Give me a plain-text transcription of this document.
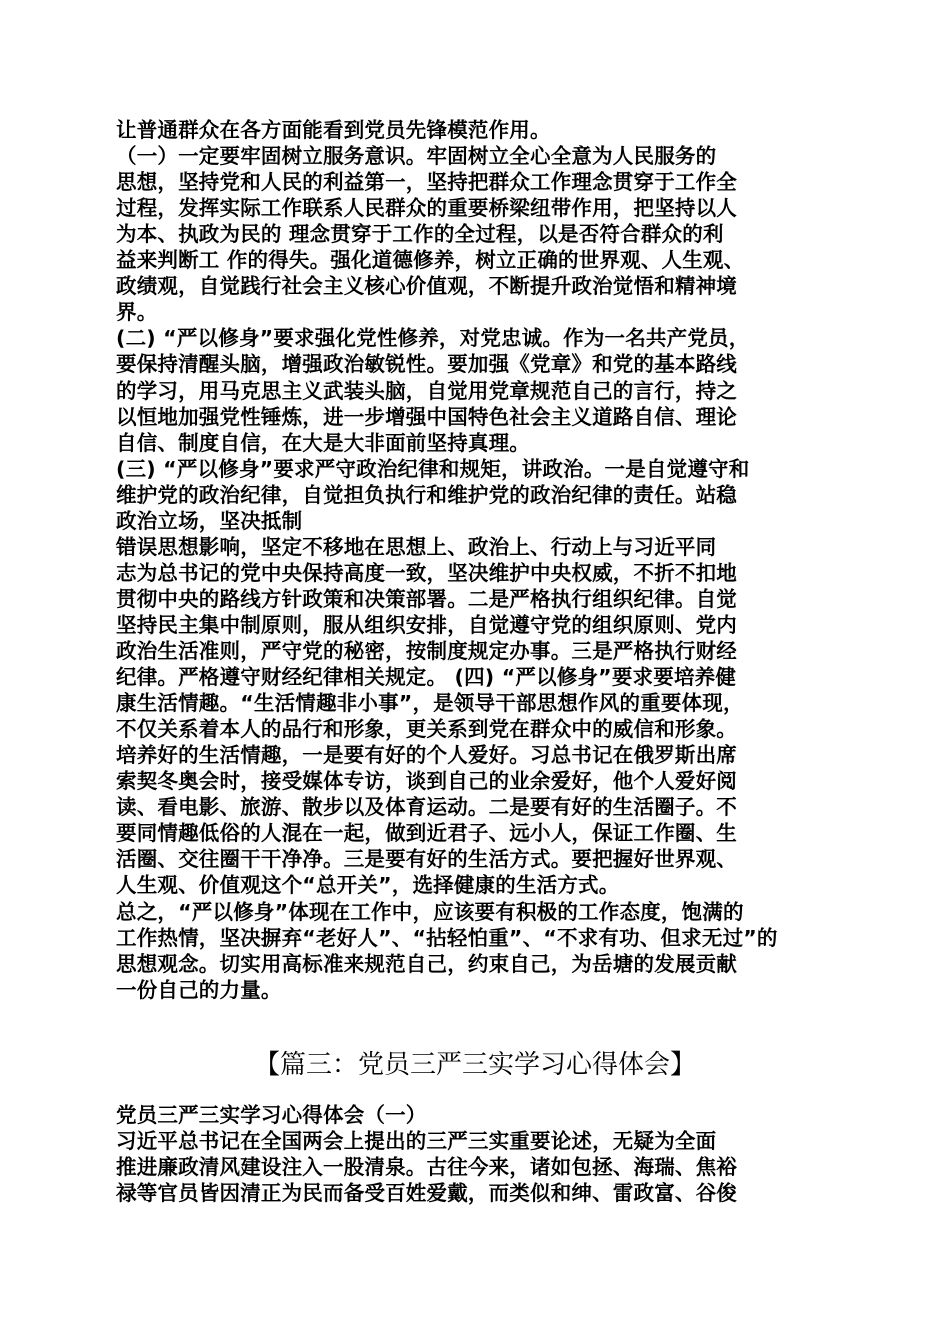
让普通群众在各方面能看到党员先锋模范作用。
（一）一定要牢固树立服务意识。牢固树立全心全意为人民服务的
思想，坚持党和人民的利益第一，坚持把群众工作理念贯穿于工作全
过程，发挥实际工作联系人民群众的重要桥梁纽带作用，把坚持以人
为本、执政为民的 理念贯穿于工作的全过程，以是否符合群众的利
益来判断工 作的得失。强化道德修养，树立正确的世界观、人生观、
政绩观，自觉践行社会主义核心价值观，不断提升政治觉悟和精神境
界。
(二) “严以修身”要求强化党性修养，对党忠诚。作为一名共产党员，
要保持清醒头脑，增强政治敏锐性。要加强《党章》和党的基本路线
的学习，用马克思主义武装头脑，自觉用党章规范自己的言行，持之
以恒地加强党性锤炼，进一步增强中国特色社会主义道路自信、理论
自信、制度自信，在大是大非面前坚持真理。
(三) “严以修身”要求严守政治纪律和规矩，讲政治。一是自觉遵守和
维护党的政治纪律，自觉担负执行和维护党的政治纪律的责任。站稳
政治立场，坚决抵制
错误思想影响，坚定不移地在思想上、政治上、行动上与习近平同
志为总书记的党中央保持高度一致，坚决维护中央权威，不折不扣地
贯彻中央的路线方针政策和决策部署。二是严格执行组织纪律。自觉
坚持民主集中制原则，服从组织安排，自觉遵守党的组织原则、党内
政治生活准则，严守党的秘密，按制度规定办事。三是严格执行财经
纪律。严格遵守财经纪律相关规定。 (四) “严以修身”要求要培养健
康生活情趣。“生活情趣非小事”，是领导干部思想作风的重要体现，
不仅关系着本人的品行和形象，更关系到党在群众中的威信和形象。
培养好的生活情趣，一是要有好的个人爱好。习总书记在俄罗斯出席
索契冬奥会时，接受媒体专访，谈到自己的业余爱好，他个人爱好阅
读、看电影、旅游、散步以及体育运动。二是要有好的生活圈子。不
要同情趣低俗的人混在一起，做到近君子、远小人，保证工作圈、生
活圈、交往圈干干净净。三是要有好的生活方式。要把握好世界观、
人生观、价值观这个“总开关”，选择健康的生活方式。
总之，“严以修身”体现在工作中，应该要有积极的工作态度，饱满的
工作热情，坚决摒弃“老好人”、“拈轻怕重”、“不求有功、但求无过”的
思想观念。切实用高标准来规范自己，约束自己，为岳塘的发展贡献
一份自己的力量。
【篇三：党员三严三实学习心得体会】
党员三严三实学习心得体会（一）
习近平总书记在全国两会上提出的三严三实重要论述，无疑为全面
推进廉政清风建设注入一股清泉。古往今来，诸如包拯、海瑞、焦裕
禄等官员皆因清正为民而备受百姓爱戴，而类似和绅、雷政富、谷俊
